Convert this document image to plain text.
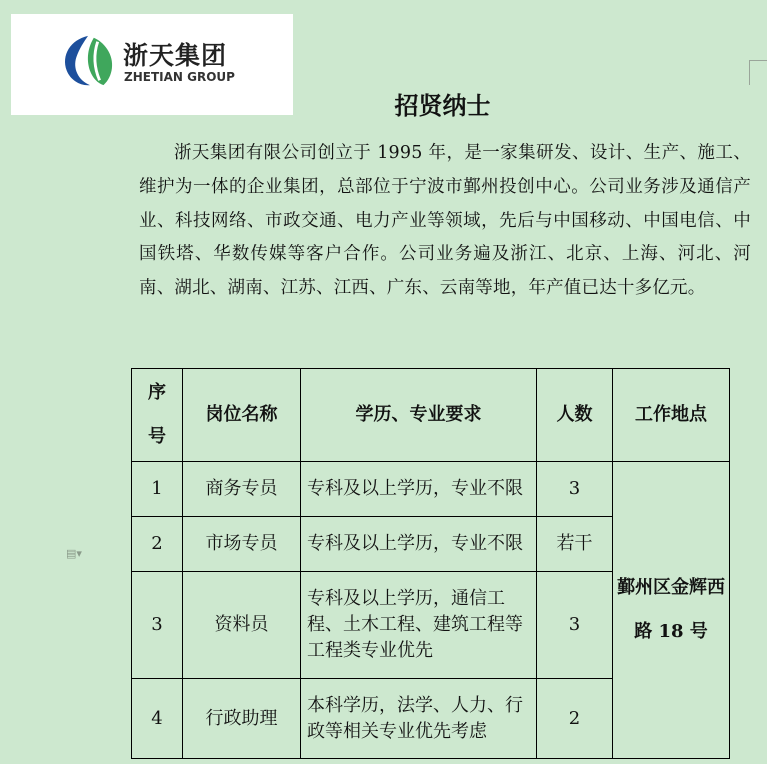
浙天集团
ZHETIAN GROUP
招贤纳士

浙天集团有限公司创立于 1995 年，是一家集研发、设计、生产、施工、维护为一体的企业集团，总部位于宁波市鄞州投创中心。公司业务涉及通信产业、科技网络、市政交通、电力产业等领域，先后与中国移动、中国电信、中国铁塔、华数传媒等客户合作。公司业务遍及浙江、北京、上海、河北、河南、湖北、湖南、江苏、江西、广东、云南等地，年产值已达十多亿元。

▤▾
序号	岗位名称	学历、专业要求	人数	工作地点
1	商务专员	专科及以上学历，专业不限	3	鄞州区金辉西路 18 号
2	市场专员	专科及以上学历，专业不限	若干	
3	资料员	专科及以上学历，通信工程、土木工程、建筑工程等工程类专业优先	3	
4	行政助理	本科学历，法学、人力、行政等相关专业优先考虑	2	
